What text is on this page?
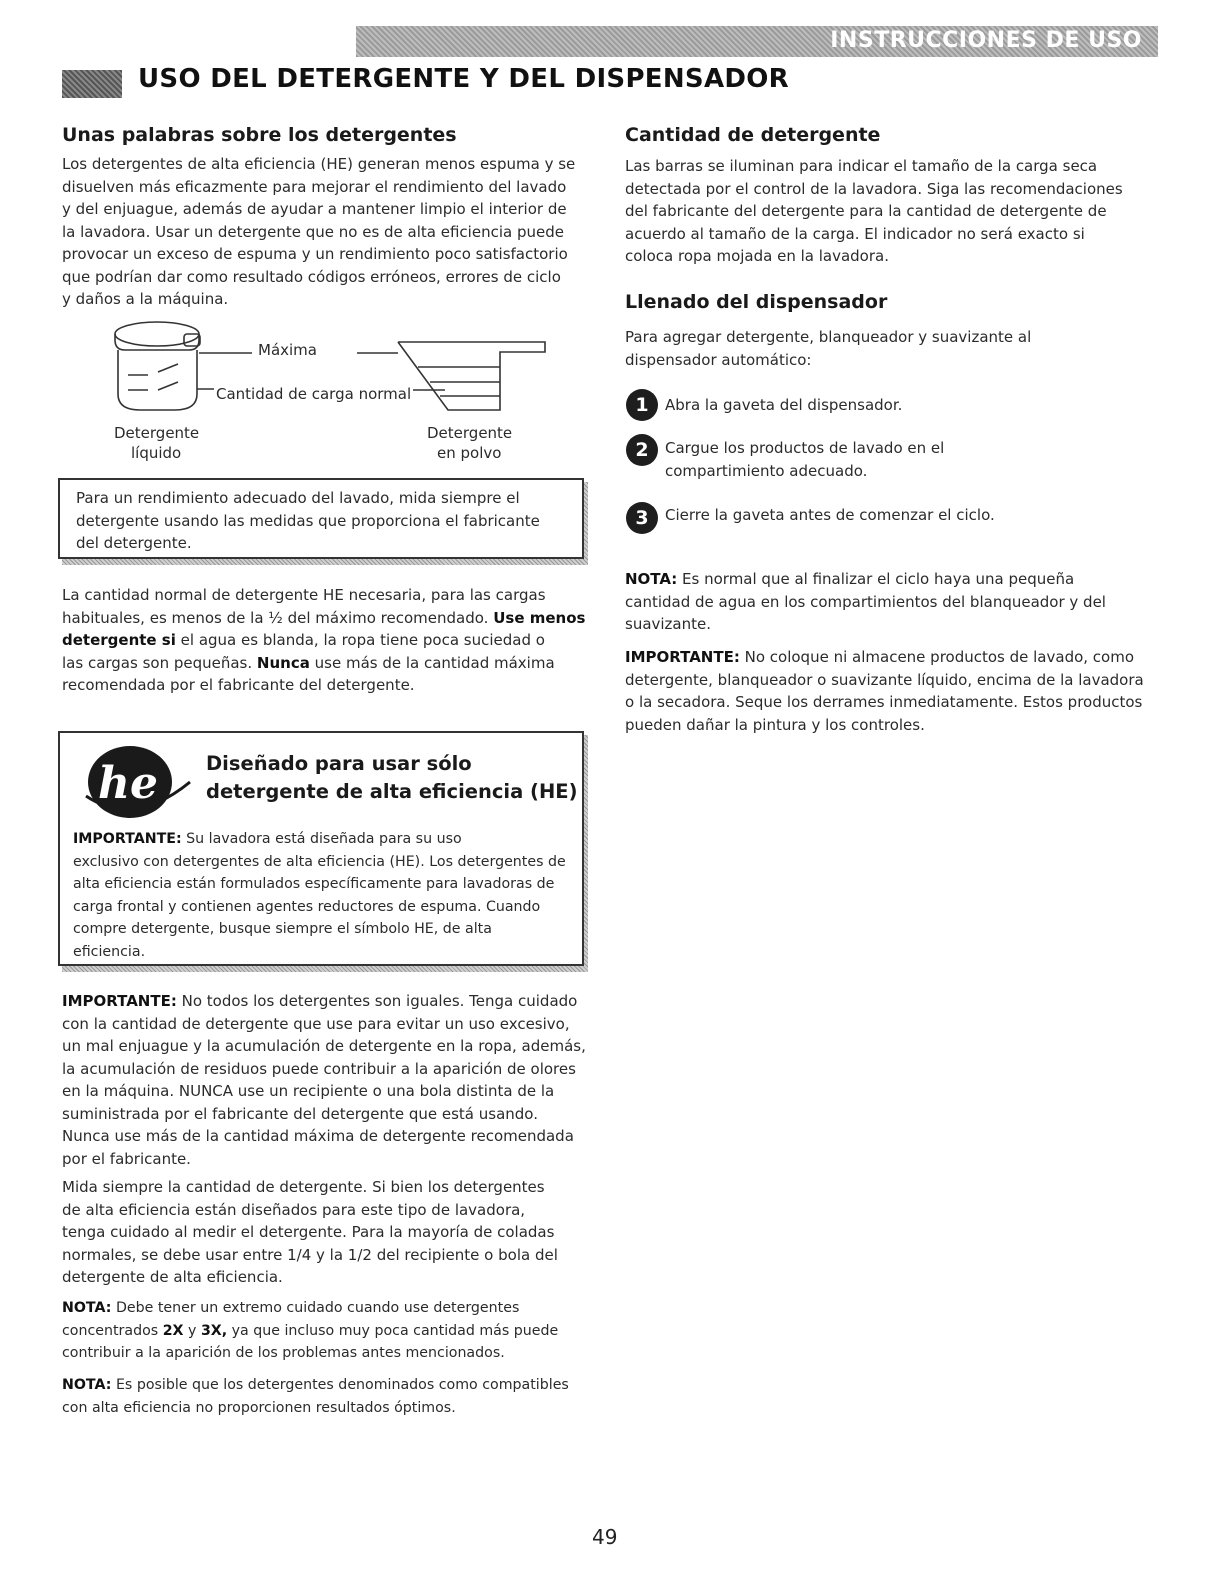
INSTRUCCIONES DE USO
USO DEL DETERGENTE Y DEL DISPENSADOR
Unas palabras sobre los detergentes

Los detergentes de alta eficiencia (HE) generan menos espuma y se
disuelven más eficazmente para mejorar el rendimiento del lavado
y del enjuague, además de ayudar a mantener limpio el interior de
la lavadora. Usar un detergente que no es de alta eficiencia puede
provocar un exceso de espuma y un rendimiento poco satisfactorio
que podrían dar como resultado códigos erróneos, errores de ciclo
y daños a la máquina.

Máxima
Cantidad de carga normal
Detergente
líquido
Detergente
en polvo

Para un rendimiento adecuado del lavado, mida siempre el
detergente usando las medidas que proporciona el fabricante
del detergente.

La cantidad normal de detergente HE necesaria, para las cargas
habituales, es menos de la ½ del máximo recomendado. Use menos detergente si el agua es blanda, la ropa tiene poca suciedad o
las cargas son pequeñas. Nunca use más de la cantidad máxima
recomendada por el fabricante del detergente.

he Diseñado para usar sólo
detergente de alta eficiencia (HE)

IMPORTANTE: Su lavadora está diseñada para su uso
exclusivo con detergentes de alta eficiencia (HE). Los detergentes de
alta eficiencia están formulados específicamente para lavadoras de
carga frontal y contienen agentes reductores de espuma. Cuando
compre detergente, busque siempre el símbolo HE, de alta
eficiencia.

IMPORTANTE: No todos los detergentes son iguales. Tenga cuidado
con la cantidad de detergente que use para evitar un uso excesivo,
un mal enjuague y la acumulación de detergente en la ropa, además,
la acumulación de residuos puede contribuir a la aparición de olores
en la máquina. NUNCA use un recipiente o una bola distinta de la
suministrada por el fabricante del detergente que está usando.
Nunca use más de la cantidad máxima de detergente recomendada
por el fabricante.

Mida siempre la cantidad de detergente. Si bien los detergentes
de alta eficiencia están diseñados para este tipo de lavadora,
tenga cuidado al medir el detergente. Para la mayoría de coladas
normales, se debe usar entre 1/4 y la 1/2 del recipiente o bola del
detergente de alta eficiencia.

NOTA: Debe tener un extremo cuidado cuando use detergentes
concentrados 2X y 3X, ya que incluso muy poca cantidad más puede
contribuir a la aparición de los problemas antes mencionados.

NOTA: Es posible que los detergentes denominados como compatibles
con alta eficiencia no proporcionen resultados óptimos.

Cantidad de detergente

Las barras se iluminan para indicar el tamaño de la carga seca
detectada por el control de la lavadora. Siga las recomendaciones
del fabricante del detergente para la cantidad de detergente de
acuerdo al tamaño de la carga. El indicador no será exacto si
coloca ropa mojada en la lavadora.

Llenado del dispensador

Para agregar detergente, blanqueador y suavizante al
dispensador automático:

1	Abra la gaveta del dispensador.

2	Cargue los productos de lavado en el
compartimiento adecuado.

3	Cierre la gaveta antes de comenzar el ciclo.

NOTA: Es normal que al finalizar el ciclo haya una pequeña
cantidad de agua en los compartimientos del blanqueador y del
suavizante.

IMPORTANTE: No coloque ni almacene productos de lavado, como
detergente, blanqueador o suavizante líquido, encima de la lavadora
o la secadora. Seque los derrames inmediatamente. Estos productos
pueden dañar la pintura y los controles.

49
